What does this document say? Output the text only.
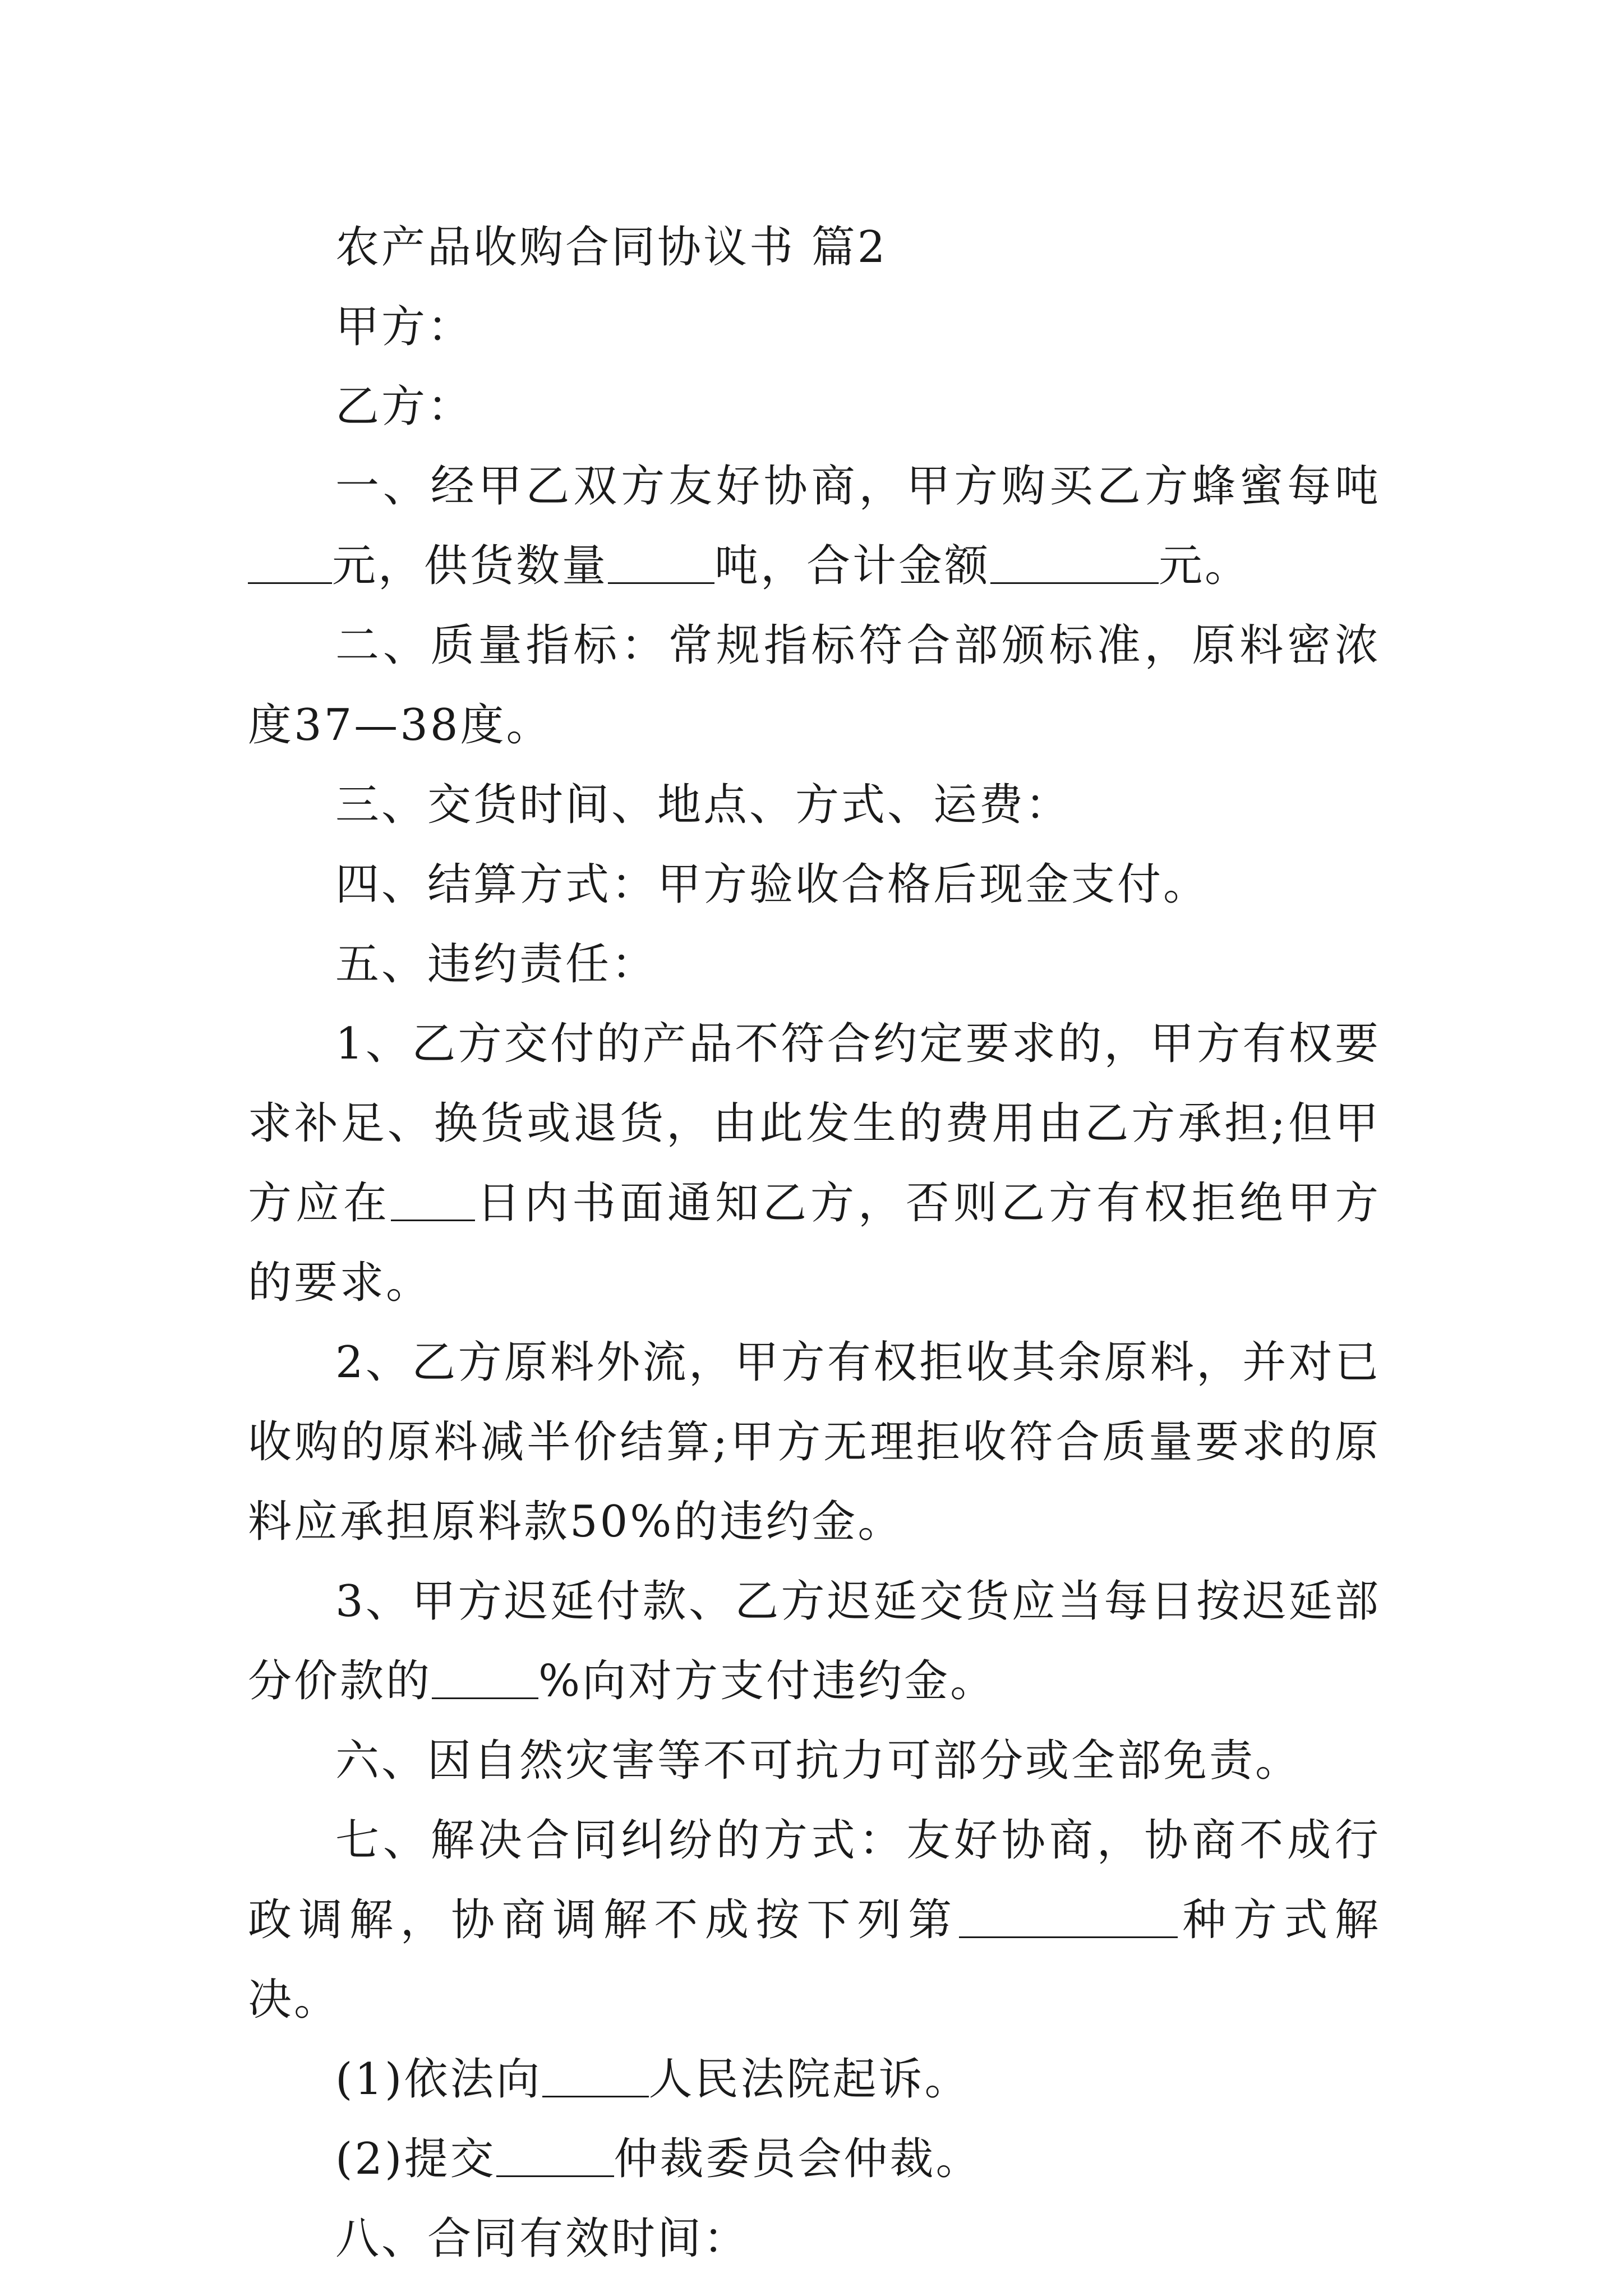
农产品收购合同协议书 篇2

甲方：

乙方：

一、经甲乙双方友好协商，甲方购买乙方蜂蜜每吨元，供货数量 吨，合计金额	元。

二、质量指标：常规指标符合部颁标准，原料密浓度37—38度。

三、交货时间、地点、方式、运费：

四、结算方式：甲方验收合格后现金支付。

五、违约责任：

1、乙方交付的产品不符合约定要求的，甲方有权要求补足、换货或退货，由此发生的费用由乙方承担;但甲方应在 日内书面通知乙方，否则乙方有权拒绝甲方的要求。

2、乙方原料外流，甲方有权拒收其余原料，并对已收购的原料减半价结算;甲方无理拒收符合质量要求的原料应承担原料款50%的违约金。

3、甲方迟延付款、乙方迟延交货应当每日按迟延部分价款的 %向对方支付违约金。

六、因自然灾害等不可抗力可部分或全部免责。

七、解决合同纠纷的方式：友好协商，协商不成行政调解，协商调解不成按下列第	种方式解决。

(1)依法向 人民法院起诉。

(2)提交	仲裁委员会仲裁。

八、合同有效时间：
